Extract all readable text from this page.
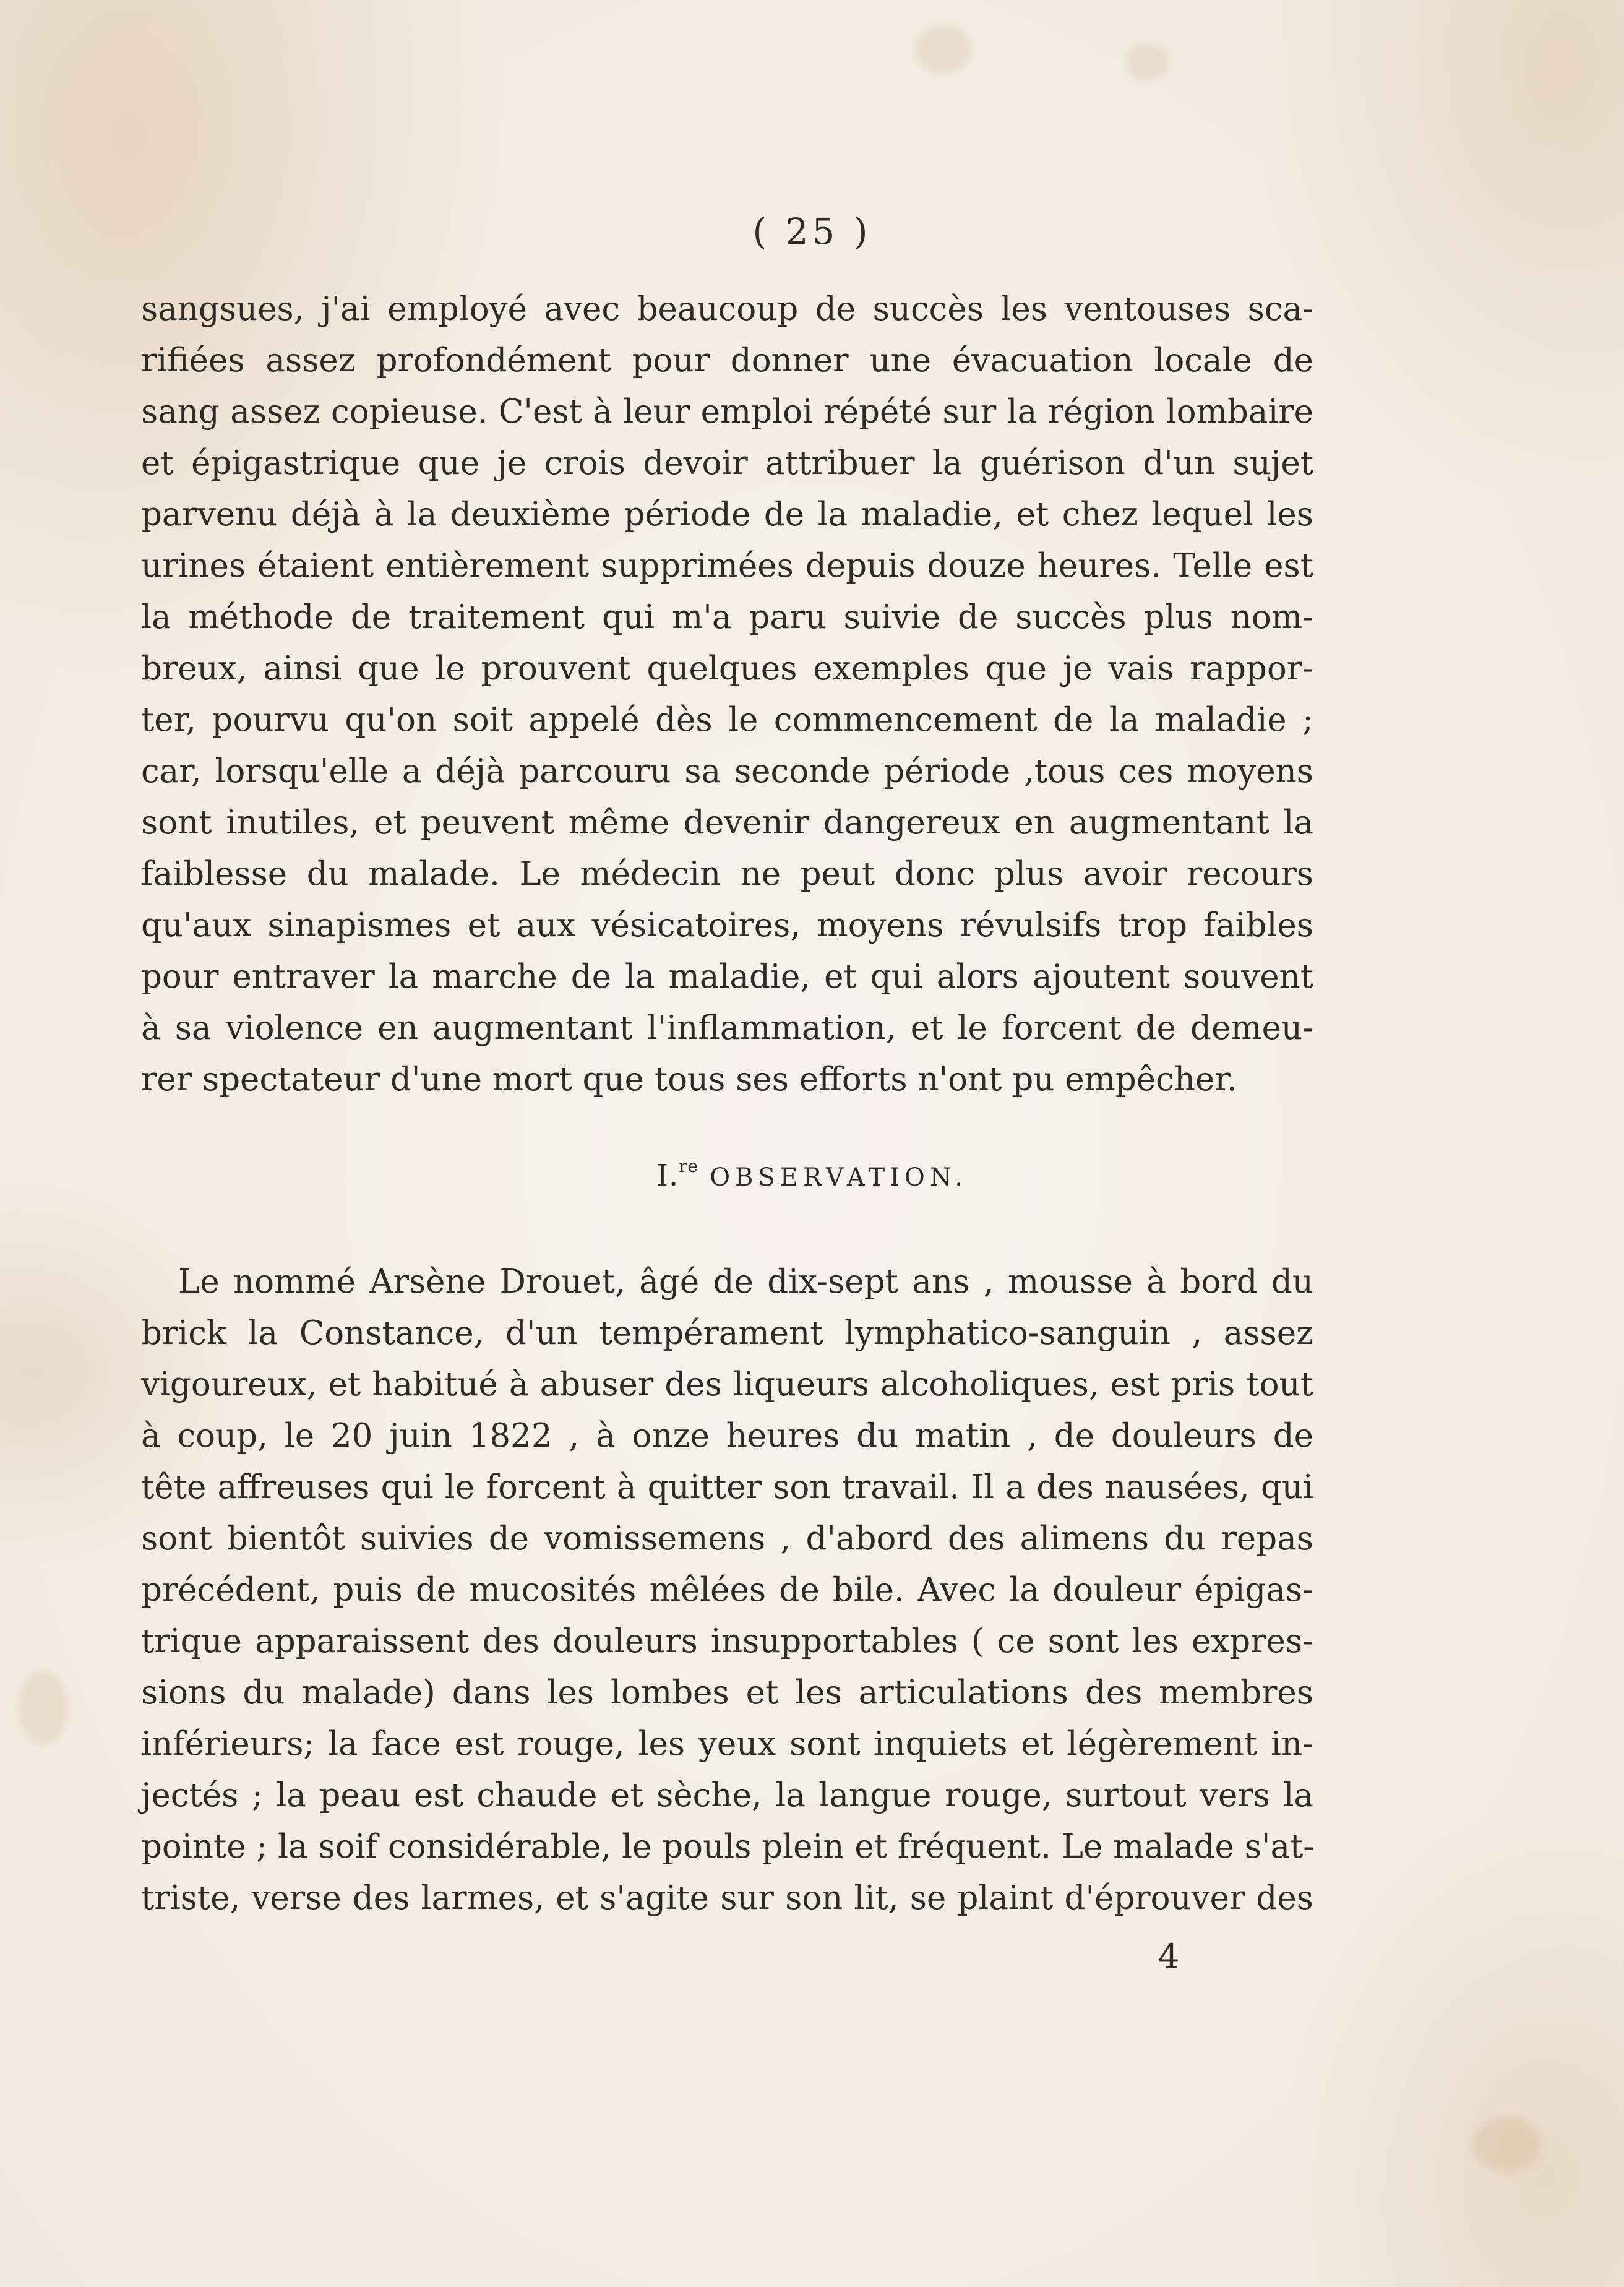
( 25 )
sangsues, j'ai employé avec beaucoup de succès les ventouses sca-
rifiées assez profondément pour donner une évacuation locale de
sang assez copieuse. C'est à leur emploi répété sur la région lombaire
et épigastrique que je crois devoir attribuer la guérison d'un sujet
parvenu déjà à la deuxième période de la maladie, et chez lequel les
urines étaient entièrement supprimées depuis douze heures. Telle est
la méthode de traitement qui m'a paru suivie de succès plus nom-
breux, ainsi que le prouvent quelques exemples que je vais rappor-
ter, pourvu qu'on soit appelé dès le commencement de la maladie ;
car, lorsqu'elle a déjà parcouru sa seconde période ,tous ces moyens
sont inutiles, et peuvent même devenir dangereux en augmentant la
faiblesse du malade. Le médecin ne peut donc plus avoir recours
qu'aux sinapismes et aux vésicatoires, moyens révulsifs trop faibles
pour entraver la marche de la maladie, et qui alors ajoutent souvent
à sa violence en augmentant l'inflammation, et le forcent de demeu-
rer spectateur d'une mort que tous ses efforts n'ont pu empêcher.
I.$^{re}$ OBSERVATION.
Le nommé Arsène Drouet, âgé de dix-sept ans , mousse à bord du
brick la Constance, d'un tempérament lymphatico-sanguin , assez
vigoureux, et habitué à abuser des liqueurs alcoholiques, est pris tout
à coup, le 20 juin 1822 , à onze heures du matin , de douleurs de
tête affreuses qui le forcent à quitter son travail. Il a des nausées, qui
sont bientôt suivies de vomissemens , d'abord des alimens du repas
précédent, puis de mucosités mêlées de bile. Avec la douleur épigas-
trique apparaissent des douleurs insupportables ( ce sont les expres-
sions du malade) dans les lombes et les articulations des membres
inférieurs; la face est rouge, les yeux sont inquiets et légèrement in-
jectés ; la peau est chaude et sèche, la langue rouge, surtout vers la
pointe ; la soif considérable, le pouls plein et fréquent. Le malade s'at-
triste, verse des larmes, et s'agite sur son lit, se plaint d'éprouver des
4
